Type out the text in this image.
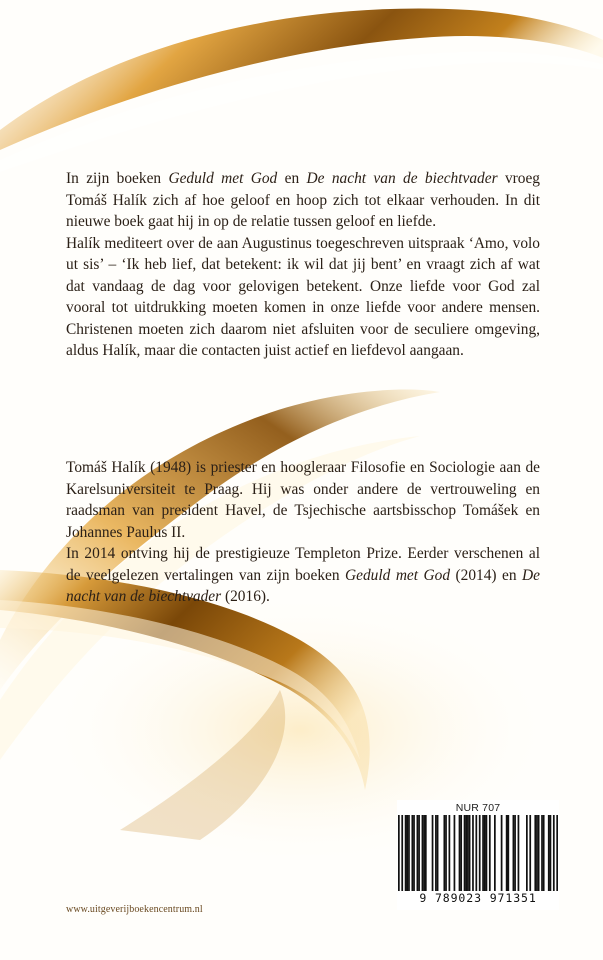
In zijn boeken Geduld met God en De nacht van de biechtvader vroeg Tomáš Halík zich af hoe geloof en hoop zich tot elkaar verhouden. In dit nieuwe boek gaat hij in op de relatie tussen geloof en liefde.

Halík mediteert over de aan Augustinus toegeschreven uitspraak ‘Amo, volo ut sis’ – ‘Ik heb lief, dat betekent: ik wil dat jij bent’ en vraagt zich af wat dat vandaag de dag voor gelovigen betekent. Onze liefde voor God zal vooral tot uitdrukking moeten komen in onze liefde voor andere mensen. Christenen moeten zich daarom niet afsluiten voor de seculiere omgeving, aldus Halík, maar die contacten juist actief en liefdevol aangaan.

Tomáš Halík (1948) is priester en hoogleraar Filosofie en Sociologie aan de Karelsuniversiteit te Praag. Hij was onder andere de vertrouweling en raadsman van president Havel, de Tsjechische aartsbisschop Tomášek en Johannes Paulus II.

In 2014 ontving hij de prestigieuze Templeton Prize. Eerder verschenen al de veelgelezen vertalingen van zijn boeken Geduld met God (2014) en De nacht van de biechtvader (2016).

NUR 707
9 789023 971351
www.uitgeverijboekencentrum.nl
